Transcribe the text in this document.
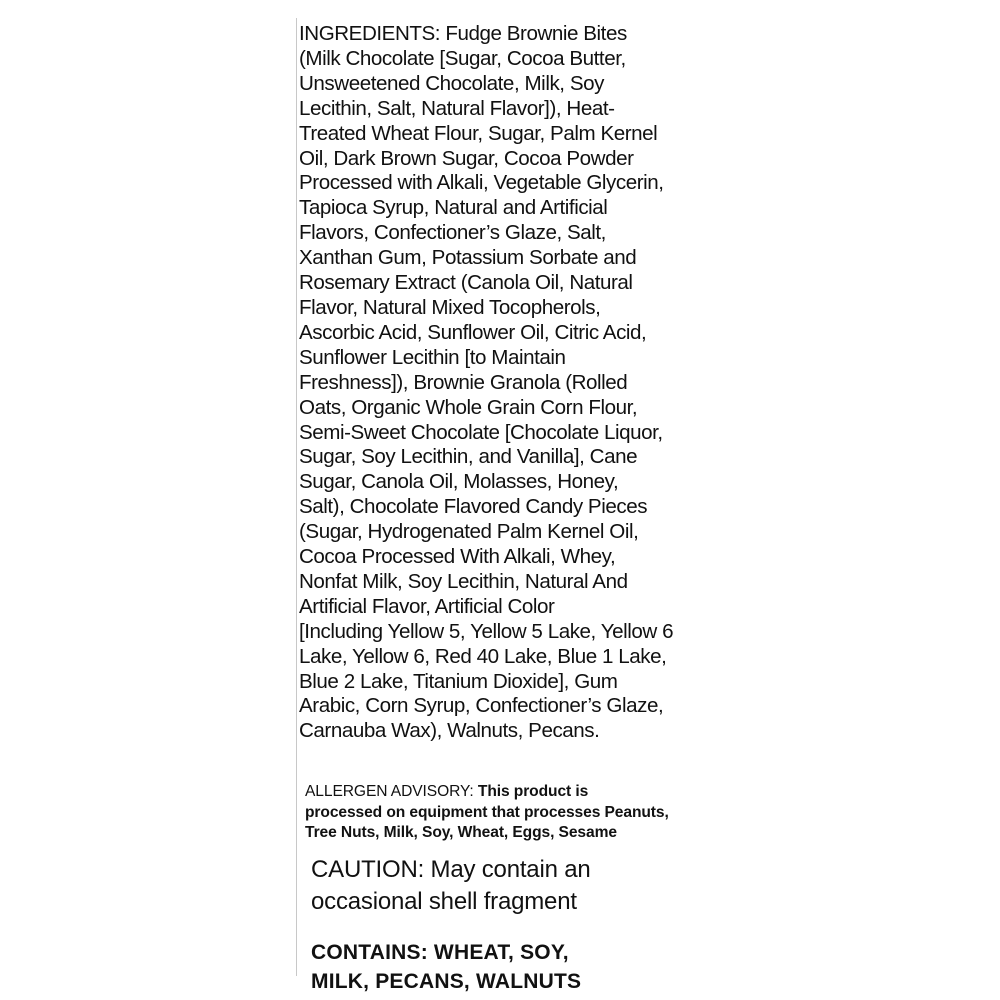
INGREDIENTS: Fudge Brownie Bites
(Milk Chocolate [Sugar, Cocoa Butter,
Unsweetened Chocolate, Milk, Soy
Lecithin, Salt, Natural Flavor]), Heat-
Treated Wheat Flour, Sugar, Palm Kernel
Oil, Dark Brown Sugar, Cocoa Powder
Processed with Alkali, Vegetable Glycerin,
Tapioca Syrup, Natural and Artificial
Flavors, Confectioner’s Glaze, Salt,
Xanthan Gum, Potassium Sorbate and
Rosemary Extract (Canola Oil, Natural
Flavor, Natural Mixed Tocopherols,
Ascorbic Acid, Sunflower Oil, Citric Acid,
Sunflower Lecithin [to Maintain
Freshness]), Brownie Granola (Rolled
Oats, Organic Whole Grain Corn Flour,
Semi-Sweet Chocolate [Chocolate Liquor,
Sugar, Soy Lecithin, and Vanilla], Cane
Sugar, Canola Oil, Molasses, Honey,
Salt), Chocolate Flavored Candy Pieces
(Sugar, Hydrogenated Palm Kernel Oil,
Cocoa Processed With Alkali, Whey,
Nonfat Milk, Soy Lecithin, Natural And
Artificial Flavor, Artificial Color
[Including Yellow 5, Yellow 5 Lake, Yellow 6
Lake, Yellow 6, Red 40 Lake, Blue 1 Lake,
Blue 2 Lake, Titanium Dioxide], Gum
Arabic, Corn Syrup, Confectioner’s Glaze,
Carnauba Wax), Walnuts, Pecans.

ALLERGEN ADVISORY: This product is
processed on equipment that processes Peanuts,
Tree Nuts, Milk, Soy, Wheat, Eggs, Sesame

CAUTION: May contain an
occasional shell fragment

CONTAINS: WHEAT, SOY,
MILK, PECANS, WALNUTS
